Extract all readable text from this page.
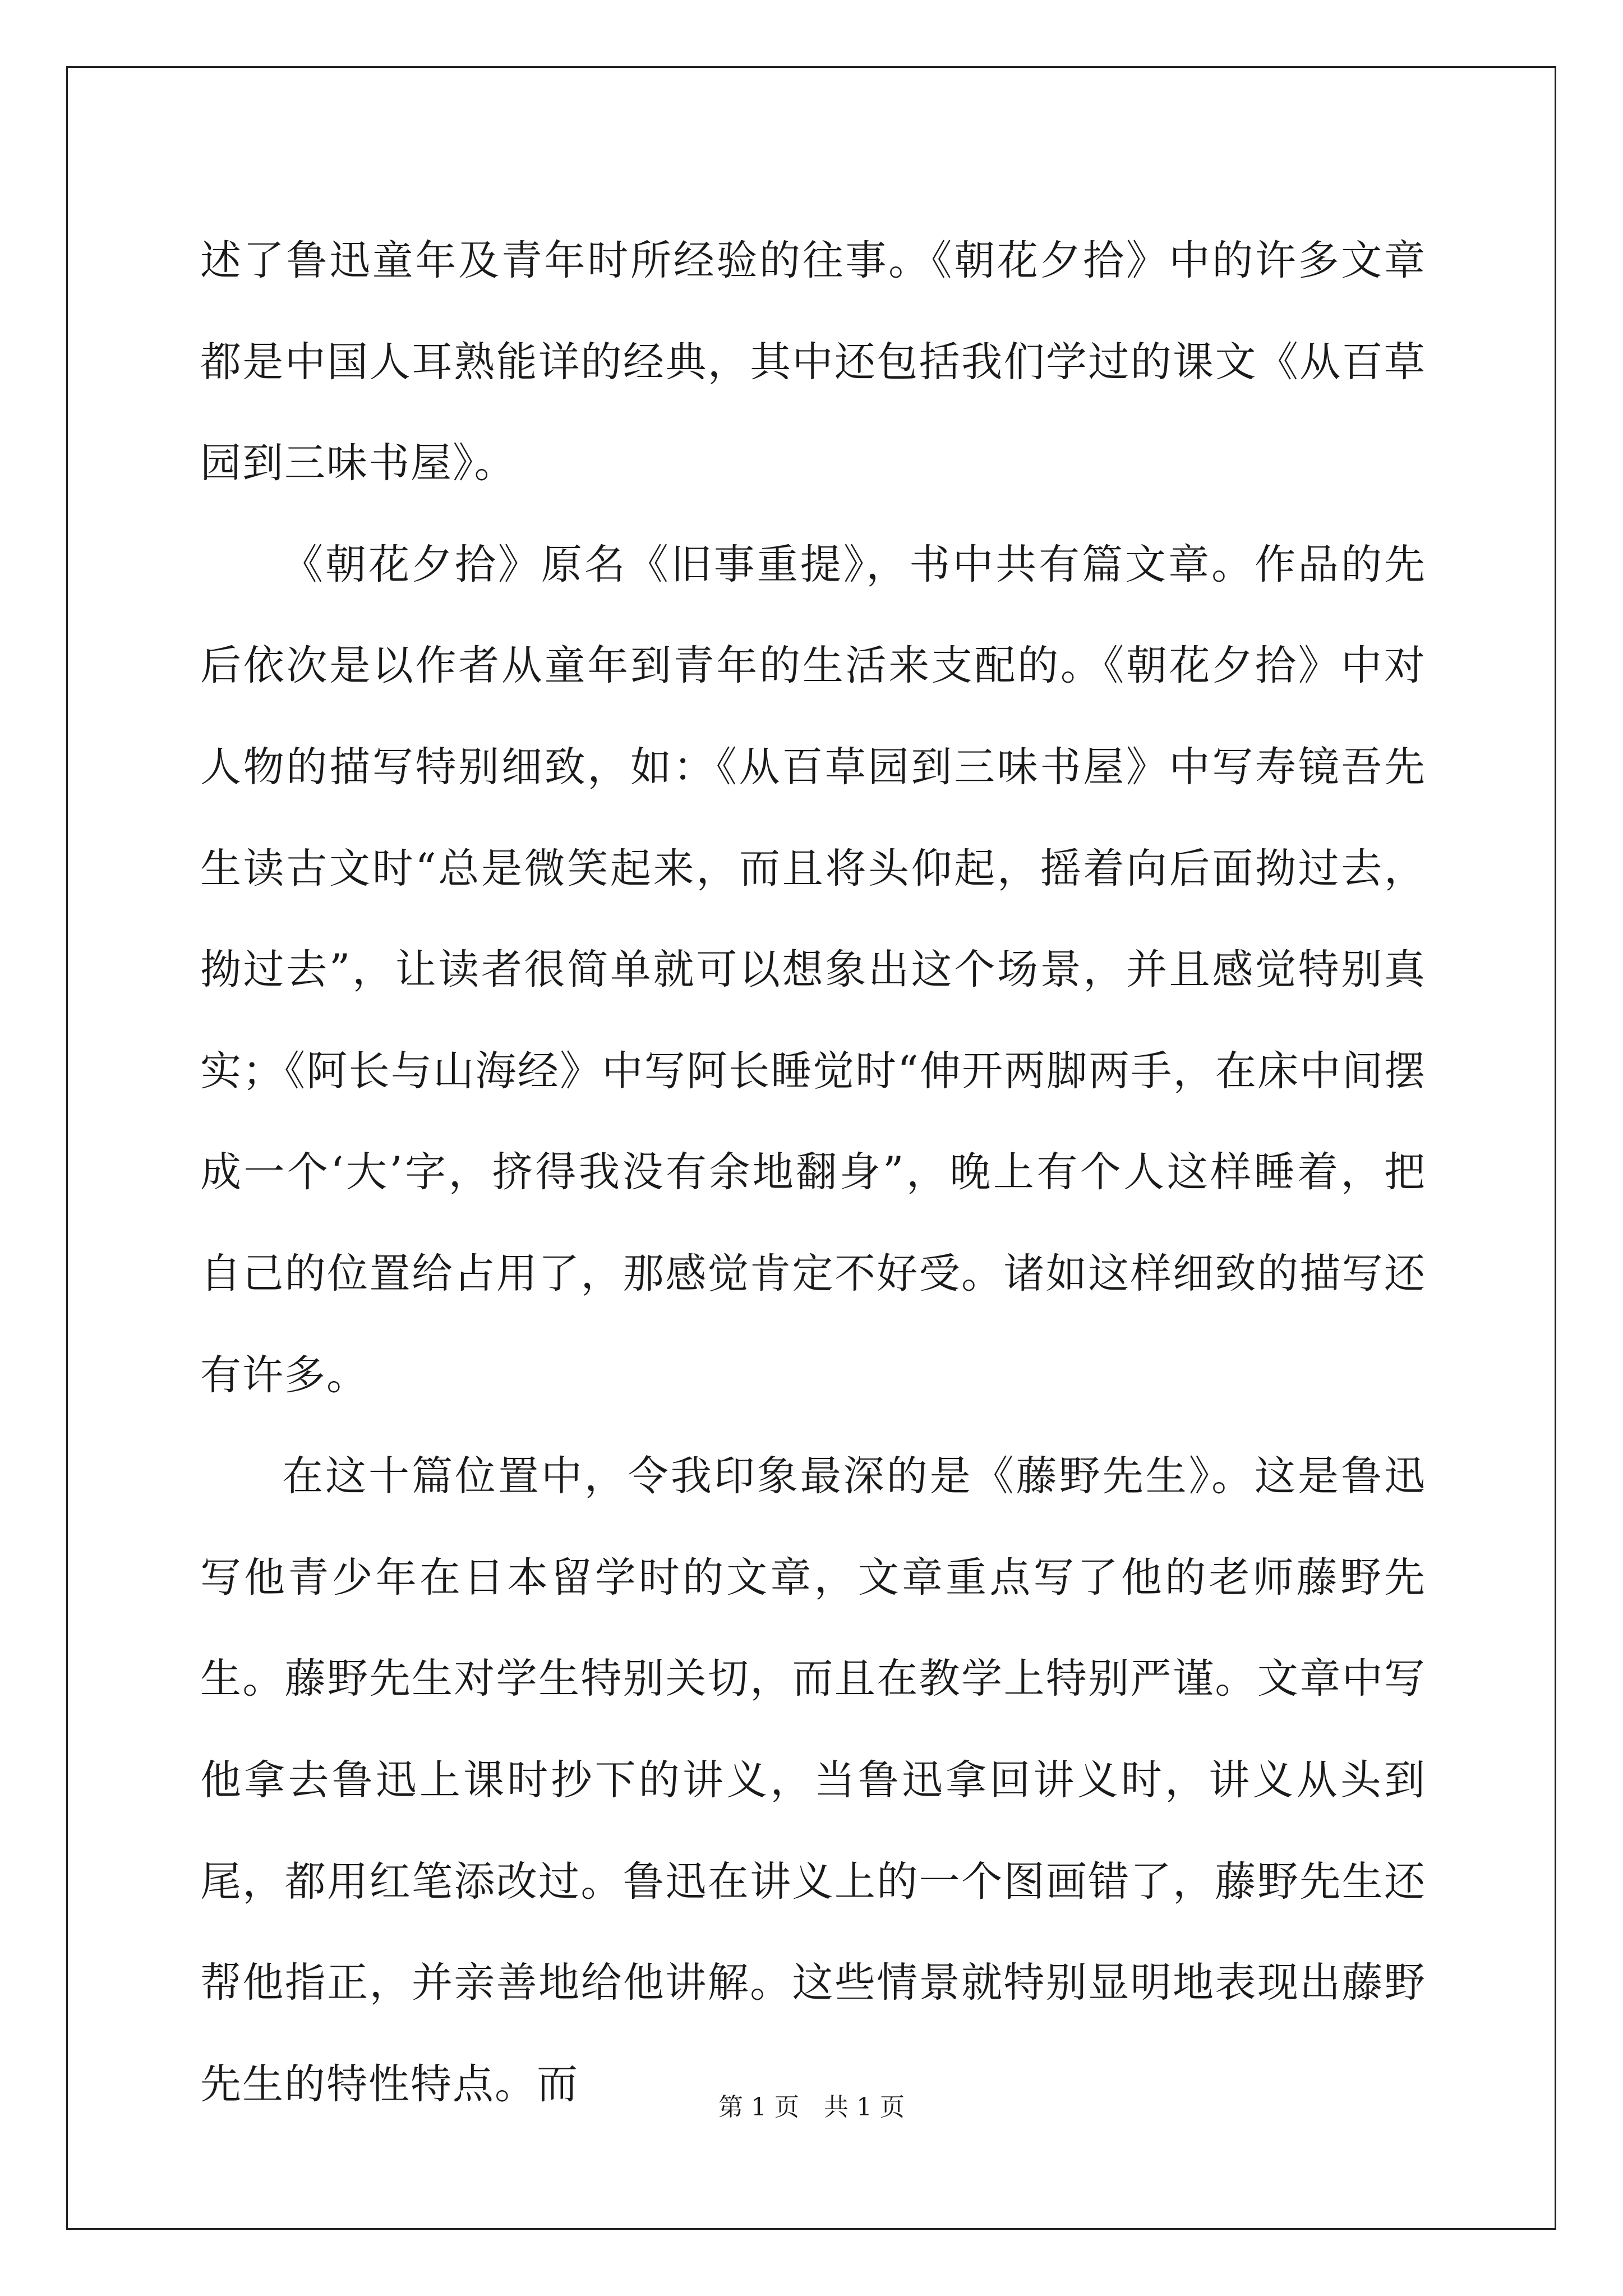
述了鲁迅童年及青年时所经验的往事。《朝花夕拾》中的许多文章都是中国人耳熟能详的经典，其中还包括我们学过的课文《从百草园到三味书屋》。

《朝花夕拾》原名《旧事重提》，书中共有篇文章。作品的先后依次是以作者从童年到青年的生活来支配的。《朝花夕拾》中对人物的描写特别细致，如：《从百草园到三味书屋》中写寿镜吾先生读古文时“总是微笑起来，而且将头仰起，摇着向后面拗过去，拗过去”，让读者很简单就可以想象出这个场景，并且感觉特别真实；《阿长与山海经》中写阿长睡觉时“伸开两脚两手，在床中间摆成一个‘大’字，挤得我没有余地翻身”，晚上有个人这样睡着，把自己的位置给占用了，那感觉肯定不好受。诸如这样细致的描写还有许多。

在这十篇位置中，令我印象最深的是《藤野先生》。这是鲁迅写他青少年在日本留学时的文章，文章重点写了他的老师藤野先生。藤野先生对学生特别关切，而且在教学上特别严谨。文章中写他拿去鲁迅上课时抄下的讲义，当鲁迅拿回讲义时，讲义从头到尾，都用红笔添改过。鲁迅在讲义上的一个图画错了，藤野先生还帮他指正，并亲善地给他讲解。这些情景就特别显明地表现出藤野先生的特性特点。而	第 1 页　共 1 页
